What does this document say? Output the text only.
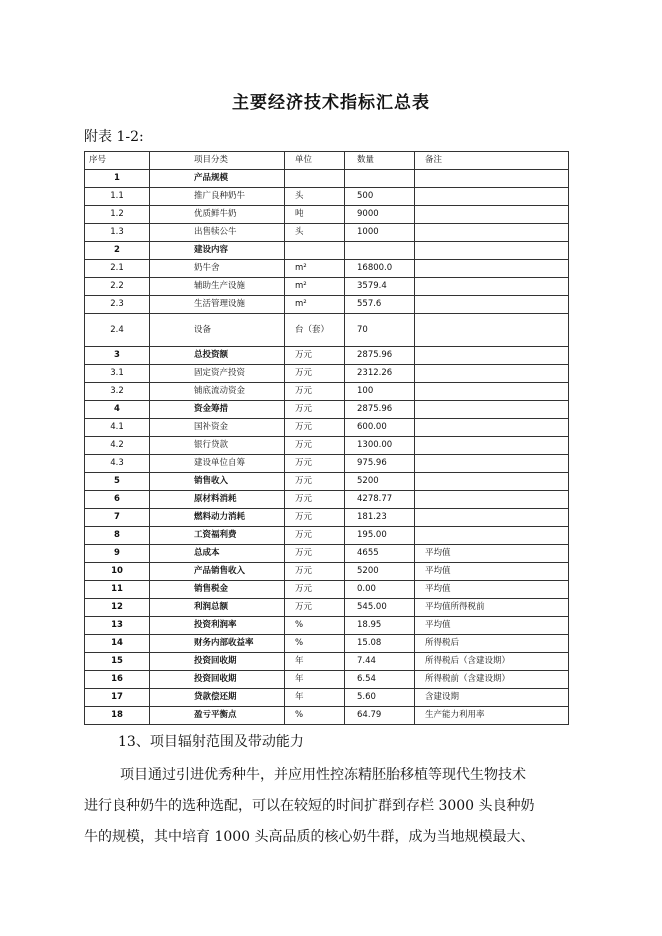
主要经济技术指标汇总表
附表 1-2:
序号	项目分类	单位	数量	备注
1	产品规模			
1.1	推广良种奶牛	头	500	
1.2	优质鲜牛奶	吨	9000	
1.3	出售犊公牛	头	1000	
2	建设内容			
2.1	奶牛舍	m²	16800.0	
2.2	辅助生产设施	m²	3579.4	
2.3	生活管理设施	m²	557.6	
2.4	设备	台（套）	70	
3	总投资额	万元	2875.96	
3.1	固定资产投资	万元	2312.26	
3.2	铺底流动资金	万元	100	
4	资金筹措	万元	2875.96	
4.1	国补资金	万元	600.00	
4.2	银行贷款	万元	1300.00	
4.3	建设单位自筹	万元	975.96	
5	销售收入	万元	5200	
6	原材料消耗	万元	4278.77	
7	燃料动力消耗	万元	181.23	
8	工资福利费	万元	195.00	
9	总成本	万元	4655	平均值
10	产品销售收入	万元	5200	平均值
11	销售税金	万元	0.00	平均值
12	利润总额	万元	545.00	平均值所得税前
13	投资利润率	%	18.95	平均值
14	财务内部收益率	%	15.08	所得税后
15	投资回收期	年	7.44	所得税后（含建设期）
16	投资回收期	年	6.54	所得税前（含建设期）
17	贷款偿还期	年	5.60	含建设期
18	盈亏平衡点	%	64.79	生产能力利用率
13、项目辐射范围及带动能力

项目通过引进优秀种牛，并应用性控冻精胚胎移植等现代生物技术

进行良种奶牛的选种选配，可以在较短的时间扩群到存栏 3000 头良种奶

牛的规模，其中培育 1000 头高品质的核心奶牛群，成为当地规模最大、
